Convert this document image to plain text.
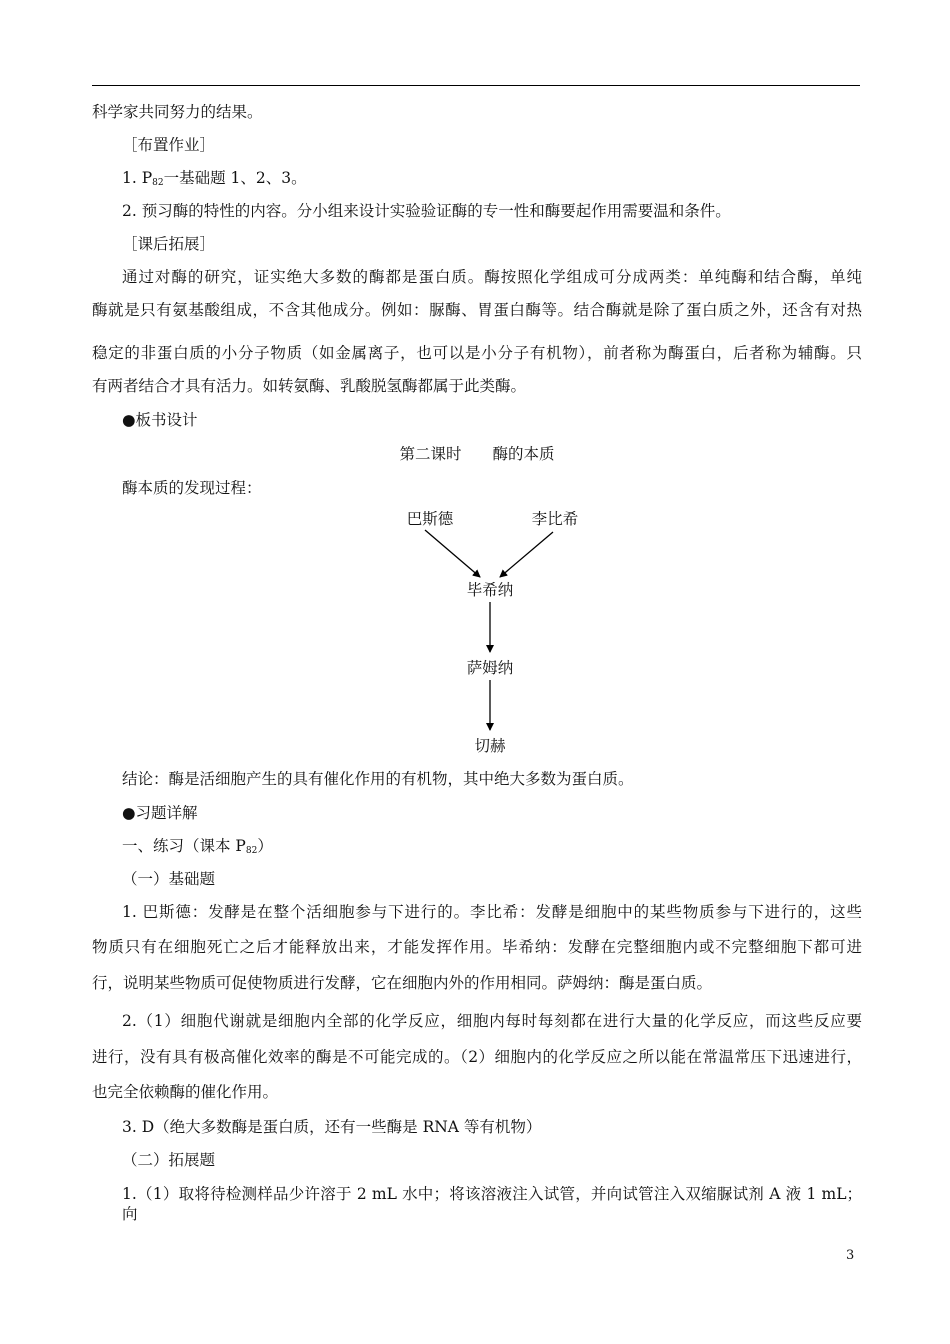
科学家共同努力的结果。
［布置作业］
1. $P_{82}$一基础题 1、2、3。
2. 预习酶的特性的内容。分小组来设计实验验证酶的专一性和酶要起作用需要温和条件。
［课后拓展］
通过对酶的研究，证实绝大多数的酶都是蛋白质。酶按照化学组成可分成两类：单纯酶和结合酶，单纯
酶就是只有氨基酸组成，不含其他成分。例如：脲酶、胃蛋白酶等。结合酶就是除了蛋白质之外，还含有对热
稳定的非蛋白质的小分子物质（如金属离子，也可以是小分子有机物），前者称为酶蛋白，后者称为辅酶。只
有两者结合才具有活力。如转氨酶、乳酸脱氢酶都属于此类酶。
●板书设计
第二课时　　酶的本质
酶本质的发现过程：
巴斯德	李比希
毕希纳
萨姆纳
切赫
结论：酶是活细胞产生的具有催化作用的有机物，其中绝大多数为蛋白质。
●习题详解
一、练习（课本 $P_{82}$）
（一）基础题
1. 巴斯德：发酵是在整个活细胞参与下进行的。李比希：发酵是细胞中的某些物质参与下进行的，这些
物质只有在细胞死亡之后才能释放出来，才能发挥作用。毕希纳：发酵在完整细胞内或不完整细胞下都可进
行，说明某些物质可促使物质进行发酵，它在细胞内外的作用相同。萨姆纳：酶是蛋白质。
2.（1）细胞代谢就是细胞内全部的化学反应，细胞内每时每刻都在进行大量的化学反应，而这些反应要
进行，没有具有极高催化效率的酶是不可能完成的。（2）细胞内的化学反应之所以能在常温常压下迅速进行，
也完全依赖酶的催化作用。
3. D（绝大多数酶是蛋白质，还有一些酶是 RNA 等有机物）
（二）拓展题
1.（1）取将待检测样品少许溶于 2 mL 水中；将该溶液注入试管，并向试管注入双缩脲试剂 A 液 1 mL；向
3
